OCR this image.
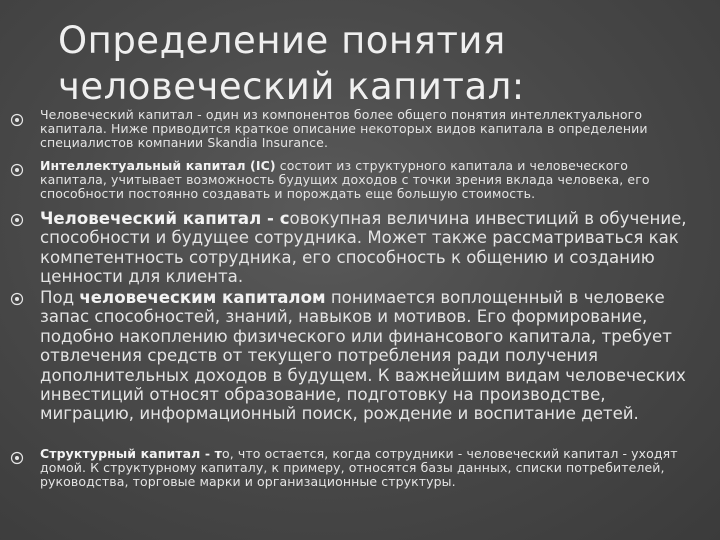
Определение понятия
человеческий капитал:

Человеческий капитал - один из компонентов более общего понятия интеллектуального капитала. Ниже приводится краткое описание некоторых видов капитала в определении специалистов компании Skandia Insurance.

Интеллектуальный капитал (IC) состоит из структурного капитала и человеческого капитала, учитывает возможность будущих доходов с точки зрения вклада человека, его способности постоянно создавать и порождать еще большую стоимость.

Человеческий капитал - совокупная величина инвестиций в обучение, способности и будущее сотрудника. Может также рассматриваться как компетентность сотрудника, его способность к общению и созданию ценности для клиента.

Под человеческим капиталом понимается воплощенный в человеке запас способностей, знаний, навыков и мотивов. Его формирование, подобно накоплению физического или финансового капитала, требует отвлечения средств от текущего потребления ради получения дополнительных доходов в будущем. К важнейшим видам человеческих инвестиций относят образование, подготовку на производстве, миграцию, информационный поиск, рождение и воспитание детей.

Структурный капитал - то, что остается, когда сотрудники - человеческий капитал - уходят домой. К структурному капиталу, к примеру, относятся базы данных, списки потребителей, руководства, торговые марки и организационные структуры.
